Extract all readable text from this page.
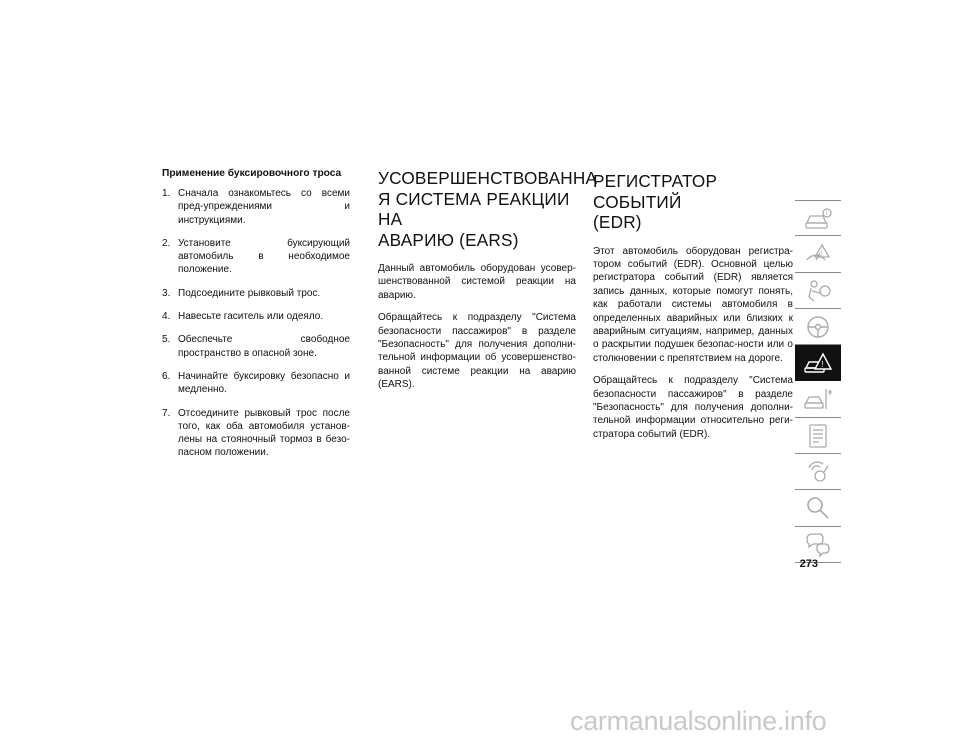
Применение буксировочного троса
1. Сначала ознакомьтесь со всеми пред-упреждениями и инструкциями.
2. Установите буксирующий автомобиль в необходимое положение.
3. Подсоедините рывковый трос.
4. Навесьте гаситель или одеяло.
5. Обеспечьте свободное пространство в опасной зоне.
6. Начинайте буксировку безопасно и медленно.
7. Отсоедините рывковый трос после того, как оба автомобиля установ-лены на стояночный тормоз в безо-пасном положении.
УСОВЕРШЕНСТВОВАННА
Я СИСТЕМА РЕАКЦИИ НА
АВАРИЮ (EARS)

Данный автомобиль оборудован усовер-шенствованной системой реакции на аварию.

Обращайтесь к подразделу "Система безопасности пассажиров" в разделе "Безопасность" для получения дополни-тельной информации об усовершенство-ванной системе реакции на аварию (EARS).

РЕГИСТРАТОР СОБЫТИЙ
(EDR)

Этот автомобиль оборудован регистра-тором событий (EDR). Основной целью регистратора событий (EDR) является запись данных, которые помогут понять, как работали системы автомобиля в определенных аварийных или близких к аварийным ситуациям, например, данных о раскрытии подушек безопас-ности или о столкновении с препятствием на дороге.

Обращайтесь к подразделу "Система безопасности пассажиров" в разделе "Безопасность" для получения дополни-тельной информации относительно реги-стратора событий (EDR).

i
!
!
273
carmanualsonline.info
